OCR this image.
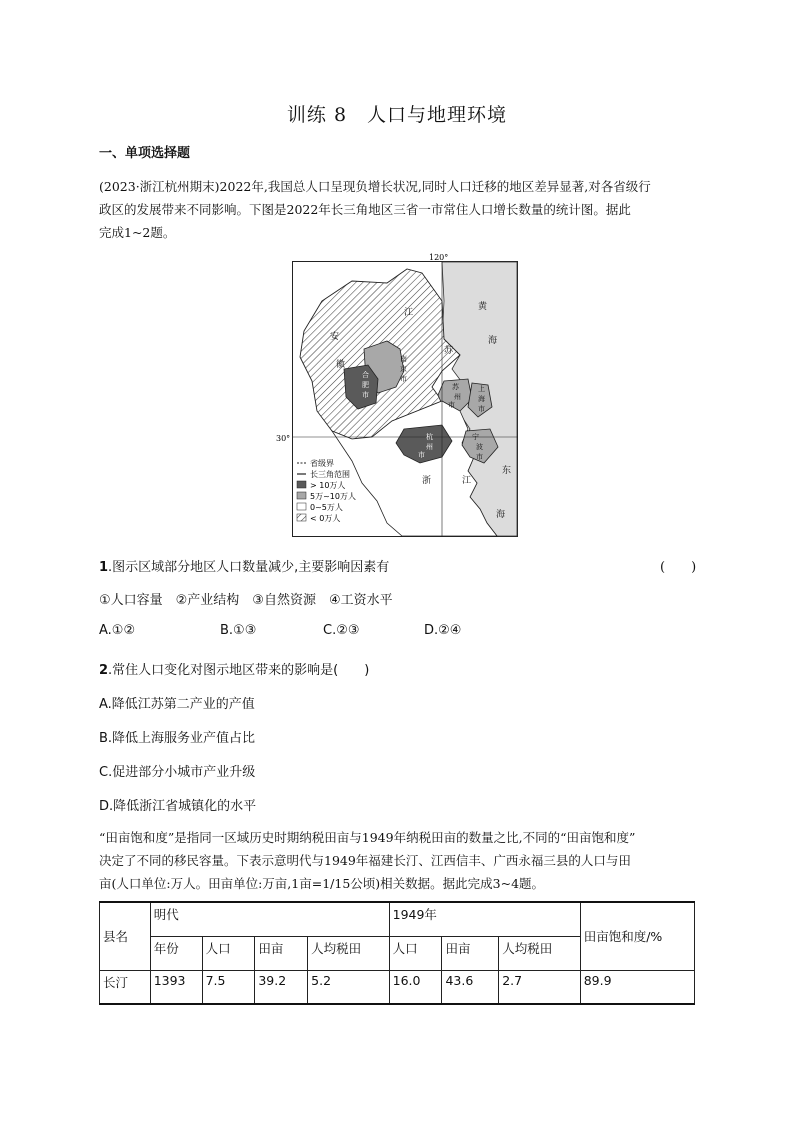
训练 8　人口与地理环境
一、单项选择题
(2023·浙江杭州期末)2022年,我国总人口呈现负增长状况,同时人口迁移的地区差异显著,对各省级行
政区的发展带来不同影响。下图是2022年长三角地区三省一市常住人口增长数量的统计图。据此
完成1~2题。
120°
黄
海
安
徽
江
苏
南
京
市
合
肥
市
苏
州
市
上
海
市
杭
州
市
宁
波
市
浙	江
东
海
30°
省级界
长三角范围
> 10万人
5万~10万人
0~5万人
< 0万人
1.图示区域部分地区人口数量减少,主要影响因素有	(　　)
①人口容量　②产业结构　③自然资源　④工资水平
A.①②	B.①③	C.②③	D.②④
2.常住人口变化对图示地区带来的影响是(　　)
A.降低江苏第二产业的产值
B.降低上海服务业产值占比
C.促进部分小城市产业升级
D.降低浙江省城镇化的水平
“田亩饱和度”是指同一区域历史时期纳税田亩与1949年纳税田亩的数量之比,不同的“田亩饱和度”
决定了不同的移民容量。下表示意明代与1949年福建长汀、江西信丰、广西永福三县的人口与田
亩(人口单位:万人。田亩单位:万亩,1亩=1/15公顷)相关数据。据此完成3~4题。
县名	明代				1949年			田亩饱和度/%
	年份	人口	田亩	人均税田	人口	田亩	人均税田	
长汀	1393	7.5	39.2	5.2	16.0	43.6	2.7	89.9
